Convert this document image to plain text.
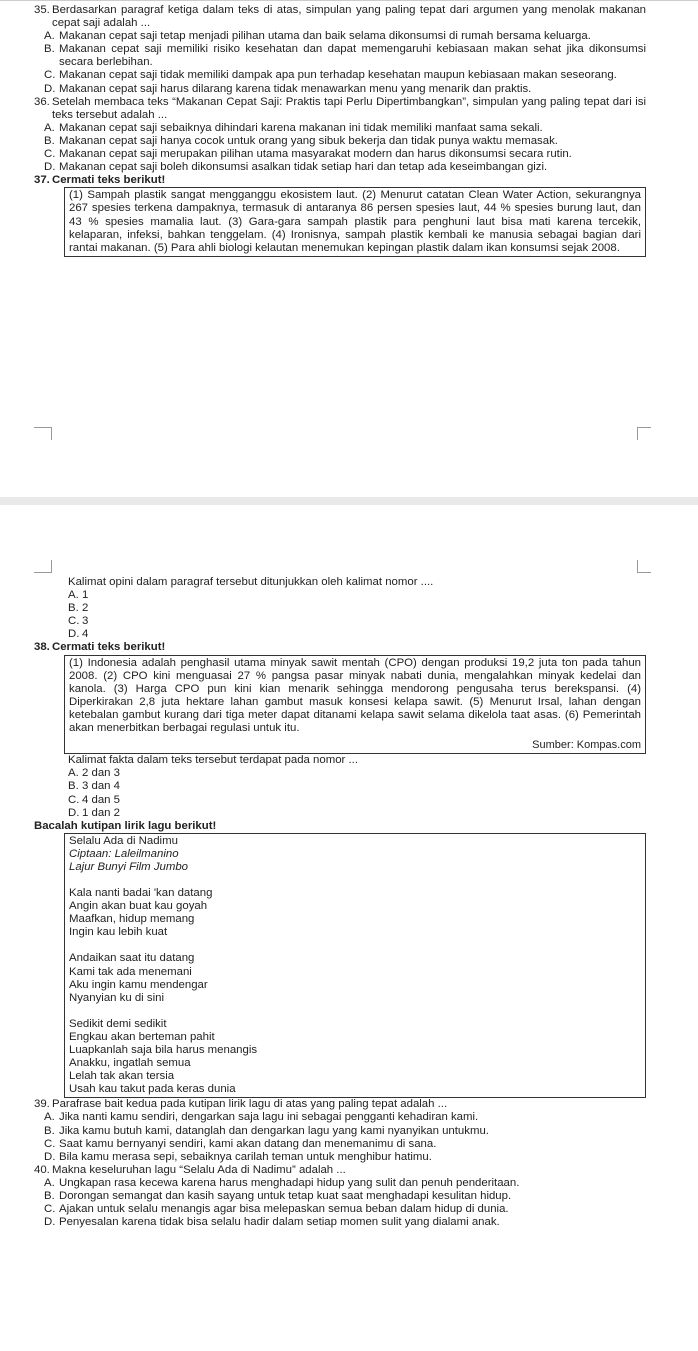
35. Berdasarkan paragraf ketiga dalam teks di atas, simpulan yang paling tepat dari argumen yang menolak makanan cepat saji adalah ...
A. Makanan cepat saji tetap menjadi pilihan utama dan baik selama dikonsumsi di rumah bersama keluarga.
B. Makanan cepat saji memiliki risiko kesehatan dan dapat memengaruhi kebiasaan makan sehat jika dikonsumsi secara berlebihan.
C. Makanan cepat saji tidak memiliki dampak apa pun terhadap kesehatan maupun kebiasaan makan seseorang.
D. Makanan cepat saji harus dilarang karena tidak menawarkan menu yang menarik dan praktis.
36. Setelah membaca teks “Makanan Cepat Saji: Praktis tapi Perlu Dipertimbangkan”, simpulan yang paling tepat dari isi teks tersebut adalah ...
A. Makanan cepat saji sebaiknya dihindari karena makanan ini tidak memiliki manfaat sama sekali.
B. Makanan cepat saji hanya cocok untuk orang yang sibuk bekerja dan tidak punya waktu memasak.
C. Makanan cepat saji merupakan pilihan utama masyarakat modern dan harus dikonsumsi secara rutin.
D. Makanan cepat saji boleh dikonsumsi asalkan tidak setiap hari dan tetap ada keseimbangan gizi.
37. Cermati teks berikut!
(1) Sampah plastik sangat mengganggu ekosistem laut. (2) Menurut catatan Clean Water Action, sekurangnya 267 spesies terkena dampaknya, termasuk di antaranya 86 persen spesies laut, 44 % spesies burung laut, dan 43 % spesies mamalia laut. (3) Gara-gara sampah plastik para penghuni laut bisa mati karena tercekik, kelaparan, infeksi, bahkan tenggelam. (4) Ironisnya, sampah plastik kembali ke manusia sebagai bagian dari rantai makanan. (5) Para ahli biologi kelautan menemukan kepingan plastik dalam ikan konsumsi sejak 2008.
Kalimat opini dalam paragraf tersebut ditunjukkan oleh kalimat nomor ....
A. 1
B. 2
C. 3
D. 4
38. Cermati teks berikut!
(1) Indonesia adalah penghasil utama minyak sawit mentah (CPO) dengan produksi 19,2 juta ton pada tahun 2008. (2) CPO kini menguasai 27 % pangsa pasar minyak nabati dunia, mengalahkan minyak kedelai dan kanola. (3) Harga CPO pun kini kian menarik sehingga mendorong pengusaha terus berekspansi. (4) Diperkirakan 2,8 juta hektare lahan gambut masuk konsesi kelapa sawit. (5) Menurut Irsal, lahan dengan ketebalan gambut kurang dari tiga meter dapat ditanami kelapa sawit selama dikelola taat asas. (6) Pemerintah akan menerbitkan berbagai regulasi untuk itu.
Sumber: Kompas.com
Kalimat fakta dalam teks tersebut terdapat pada nomor ...
A. 2 dan 3
B. 3 dan 4
C. 4 dan 5
D. 1 dan 2
Bacalah kutipan lirik lagu berikut!
Selalu Ada di Nadimu
Ciptaan: Laleilmanino
Lajur Bunyi Film Jumbo
Kala nanti badai 'kan datang
Angin akan buat kau goyah
Maafkan, hidup memang
Ingin kau lebih kuat
Andaikan saat itu datang
Kami tak ada menemani
Aku ingin kamu mendengar
Nyanyian ku di sini
Sedikit demi sedikit
Engkau akan berteman pahit
Luapkanlah saja bila harus menangis
Anakku, ingatlah semua
Lelah tak akan tersia
Usah kau takut pada keras dunia
39. Parafrase bait kedua pada kutipan lirik lagu di atas yang paling tepat adalah ...
A. Jika nanti kamu sendiri, dengarkan saja lagu ini sebagai pengganti kehadiran kami.
B. Jika kamu butuh kami, datanglah dan dengarkan lagu yang kami nyanyikan untukmu.
C. Saat kamu bernyanyi sendiri, kami akan datang dan menemanimu di sana.
D. Bila kamu merasa sepi, sebaiknya carilah teman untuk menghibur hatimu.
40. Makna keseluruhan lagu “Selalu Ada di Nadimu” adalah ...
A. Ungkapan rasa kecewa karena harus menghadapi hidup yang sulit dan penuh penderitaan.
B. Dorongan semangat dan kasih sayang untuk tetap kuat saat menghadapi kesulitan hidup.
C. Ajakan untuk selalu menangis agar bisa melepaskan semua beban dalam hidup di dunia.
D. Penyesalan karena tidak bisa selalu hadir dalam setiap momen sulit yang dialami anak.
